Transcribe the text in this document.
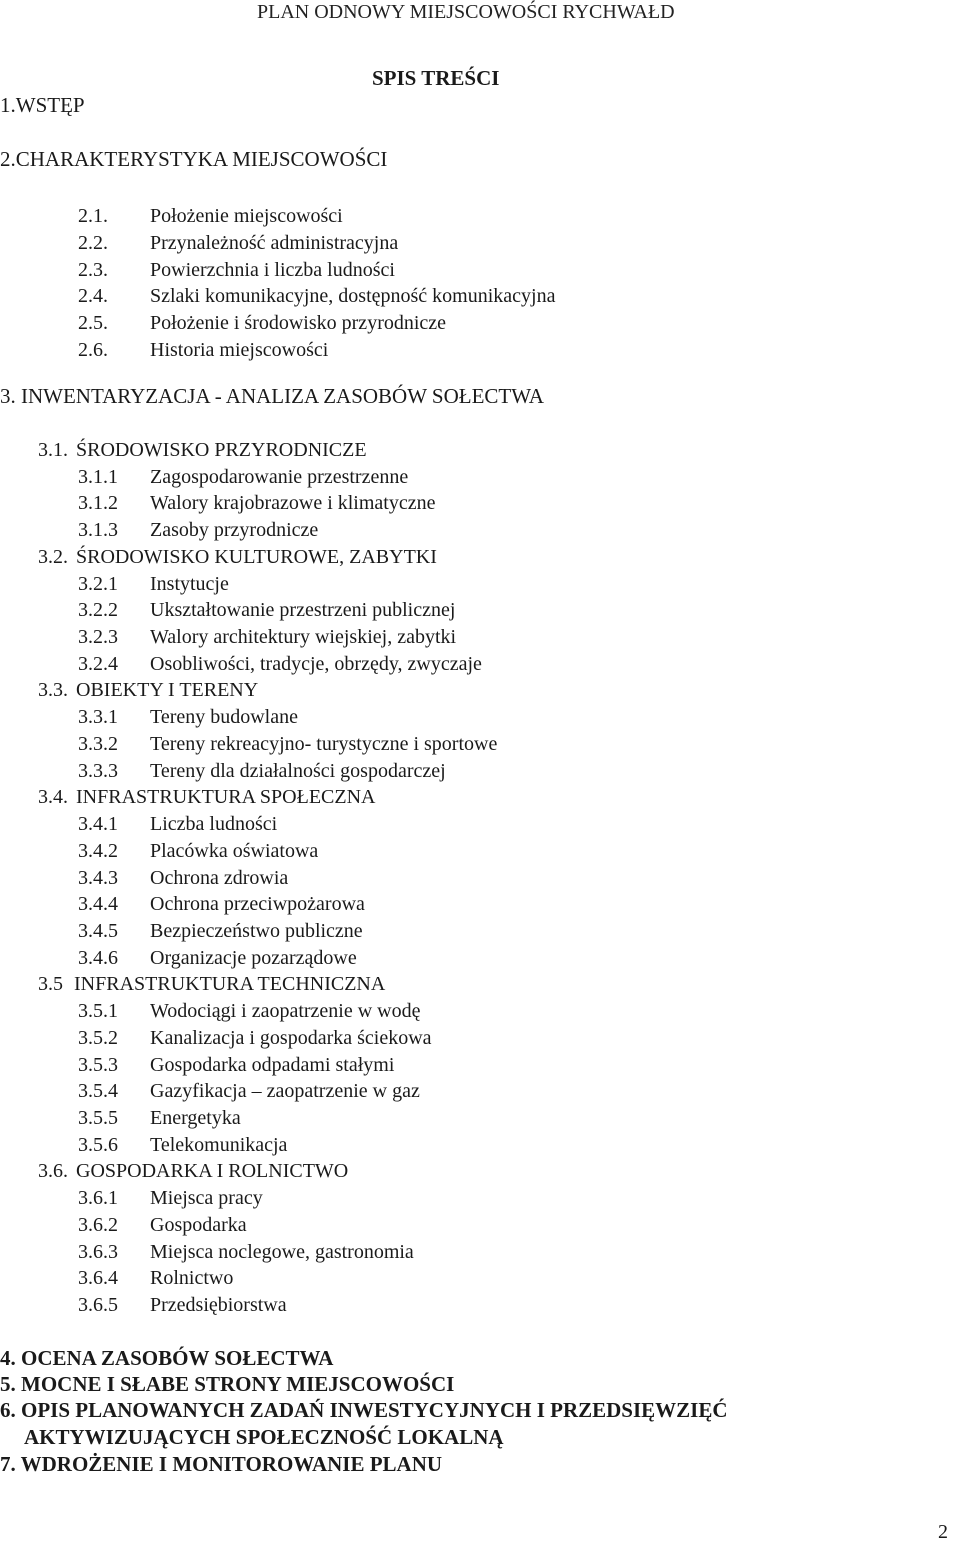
PLAN ODNOWY MIEJSCOWOŚCI RYCHWAŁD
SPIS TREŚCI
1.WSTĘP
2.CHARAKTERYSTYKA MIEJSCOWOŚCI
2.1. Położenie miejscowości
2.2. Przynależność administracyjna
2.3. Powierzchnia i liczba ludności
2.4. Szlaki komunikacyjne, dostępność komunikacyjna
2.5. Położenie i środowisko przyrodnicze
2.6. Historia miejscowości
3. INWENTARYZACJA - ANALIZA ZASOBÓW SOŁECTWA
3.1. ŚRODOWISKO PRZYRODNICZE
3.1.1 Zagospodarowanie przestrzenne
3.1.2 Walory krajobrazowe i klimatyczne
3.1.3 Zasoby przyrodnicze
3.2. ŚRODOWISKO KULTUROWE, ZABYTKI
3.2.1 Instytucje
3.2.2 Ukształtowanie przestrzeni publicznej
3.2.3 Walory architektury wiejskiej, zabytki
3.2.4 Osobliwości, tradycje, obrzędy, zwyczaje
3.3. OBIEKTY I TERENY
3.3.1 Tereny budowlane
3.3.2 Tereny rekreacyjno- turystyczne i sportowe
3.3.3 Tereny dla działalności gospodarczej
3.4. INFRASTRUKTURA SPOŁECZNA
3.4.1 Liczba ludności
3.4.2 Placówka oświatowa
3.4.3 Ochrona zdrowia
3.4.4 Ochrona przeciwpożarowa
3.4.5 Bezpieczeństwo publiczne
3.4.6 Organizacje pozarządowe
3.5 INFRASTRUKTURA TECHNICZNA
3.5.1 Wodociągi i zaopatrzenie w wodę
3.5.2 Kanalizacja i gospodarka ściekowa
3.5.3 Gospodarka odpadami stałymi
3.5.4 Gazyfikacja – zaopatrzenie w gaz
3.5.5 Energetyka
3.5.6 Telekomunikacja
3.6. GOSPODARKA I ROLNICTWO
3.6.1 Miejsca pracy
3.6.2 Gospodarka
3.6.3 Miejsca noclegowe, gastronomia
3.6.4 Rolnictwo
3.6.5 Przedsiębiorstwa
4. OCENA ZASOBÓW SOŁECTWA
5. MOCNE I SŁABE STRONY MIEJSCOWOŚCI
6. OPIS PLANOWANYCH ZADAŃ INWESTYCYJNYCH I PRZEDSIĘWZIĘĆ
AKTYWIZUJĄCYCH SPOŁECZNOŚĆ LOKALNĄ
7. WDROŻENIE I MONITOROWANIE PLANU
2
